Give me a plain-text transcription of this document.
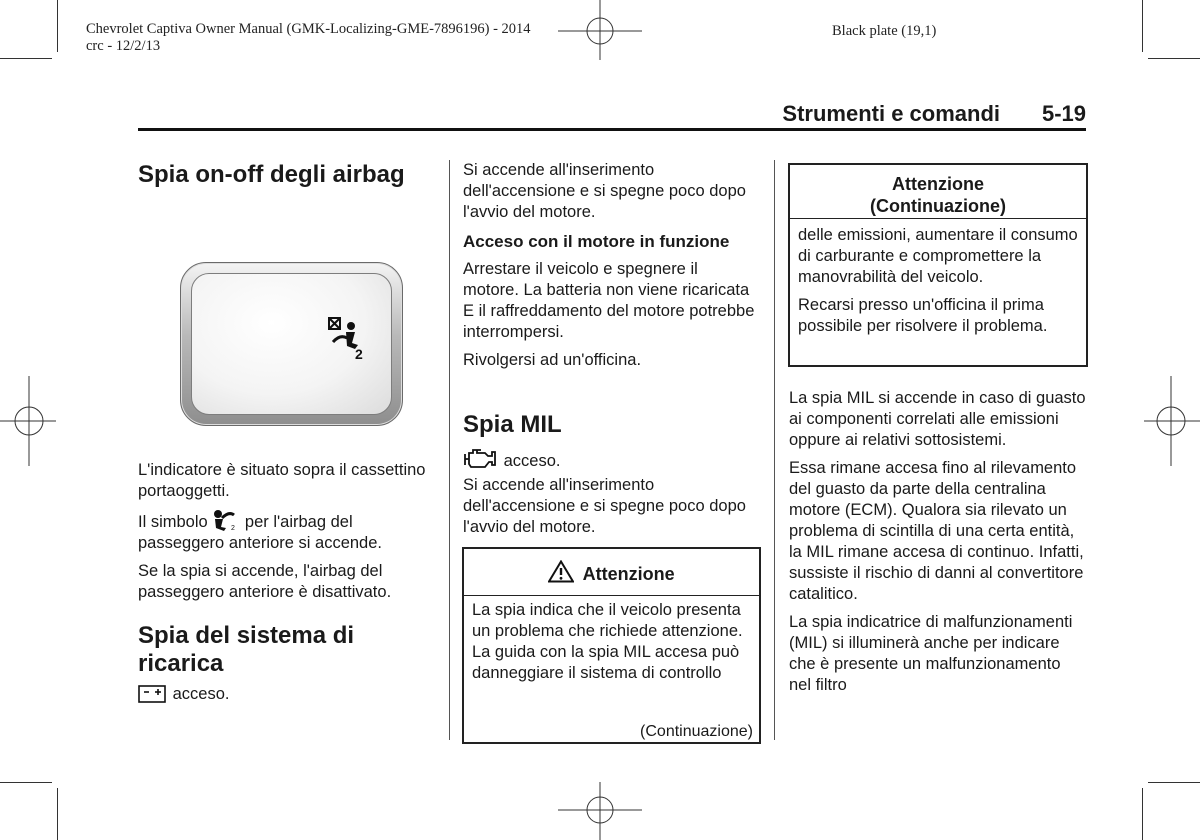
Chevrolet Captiva Owner Manual (GMK-Localizing-GME-7896196) - 2014
crc - 12/2/13
Black plate (19,1)
Strumenti e comandi 5-19
Spia on-off degli airbag
2

L'indicatore è situato sopra il cassettino portaoggetti.

Il simbolo	2 per l'airbag del
passeggero anteriore si accende.

Se la spia si accende, l'airbag del passeggero anteriore è disattivato.

Spia del sistema di ricarica
acceso.

Si accende all'inserimento dell'accensione e si spegne poco dopo l'avvio del motore.

Acceso con il motore in funzione

Arrestare il veicolo e spegnere il motore. La batteria non viene ricaricata E il raffreddamento del motore potrebbe interrompersi.

Rivolgersi ad un'officina.

Spia MIL
acceso.

Si accende all'inserimento dell'accensione e si spegne poco dopo l'avvio del motore.

Attenzione

La spia indica che il veicolo presenta un problema che richiede attenzione. La guida con la spia MIL accesa può danneggiare il sistema di controllo

(Continuazione)
Attenzione
(Continuazione)

delle emissioni, aumentare il consumo di carburante e compromettere la manovrabilità del veicolo.

Recarsi presso un'officina il prima possibile per risolvere il problema.

La spia MIL si accende in caso di guasto ai componenti correlati alle emissioni oppure ai relativi sottosistemi.

Essa rimane accesa fino al rilevamento del guasto da parte della centralina motore (ECM). Qualora sia rilevato un problema di scintilla di una certa entità, la MIL rimane accesa di continuo. Infatti, sussiste il rischio di danni al convertitore catalitico.

La spia indicatrice di malfunzionamenti (MIL) si illuminerà anche per indicare che è presente un malfunzionamento nel filtro
